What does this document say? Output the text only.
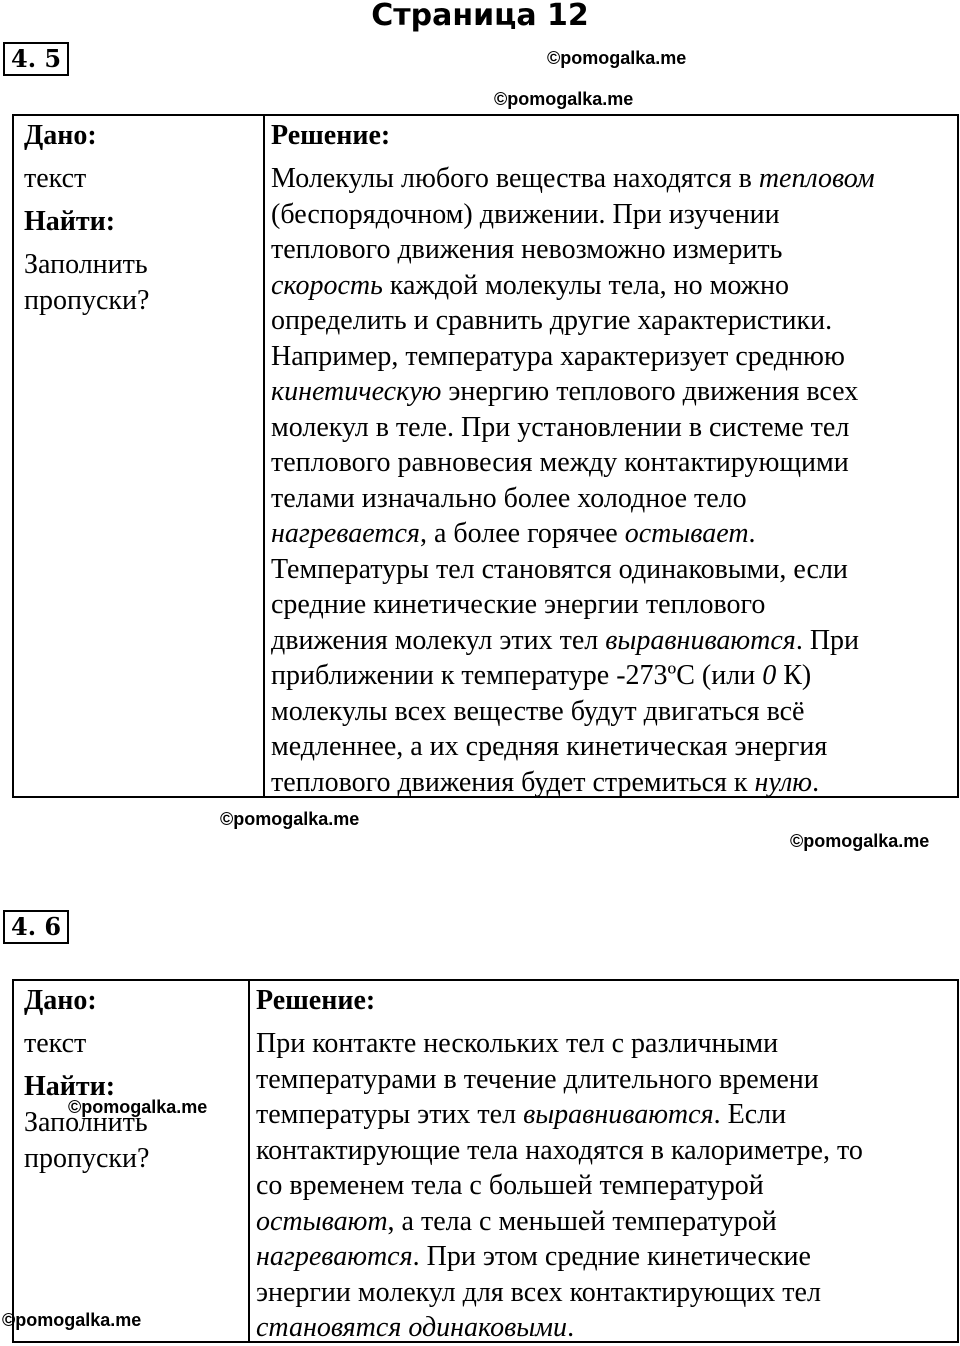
Страница 12
4. 5	©pomogalka.me
©pomogalka.me
Дано:
текст
Найти:
Заполнить
пропуски?
Решение:
Молекулы любого вещества находятся в тепловом
(беспорядочном) движении. При изучении
теплового движения невозможно измерить
скорость каждой молекулы тела, но можно
определить и сравнить другие характеристики.
Например, температура характеризует среднюю
кинетическую энергию теплового движения всех
молекул в теле. При установлении в системе тел
теплового равновесия между контактирующими
телами изначально более холодное тело
нагревается, а более горячее остывает.
Температуры тел становятся одинаковыми, если
средние кинетические энергии теплового
движения молекул этих тел выравниваются. При
приближении к температуре -273ºС (или 0 К)
молекулы всех веществе будут двигаться всё
медленнее, а их средняя кинетическая энергия
теплового движения будет стремиться к нулю.
©pomogalka.me
©pomogalka.me
4. 6
Дано:
текст
Найти:
Заполнить
пропуски?
Решение:
При контакте нескольких тел с различными
температурами в течение длительного времени
температуры этих тел выравниваются. Если
контактирующие тела находятся в калориметре, то
со временем тела с большей температурой
остывают, а тела с меньшей температурой
нагреваются. При этом средние кинетические
энергии молекул для всех контактирующих тел
становятся одинаковыми.
©pomogalka.me
©pomogalka.me
